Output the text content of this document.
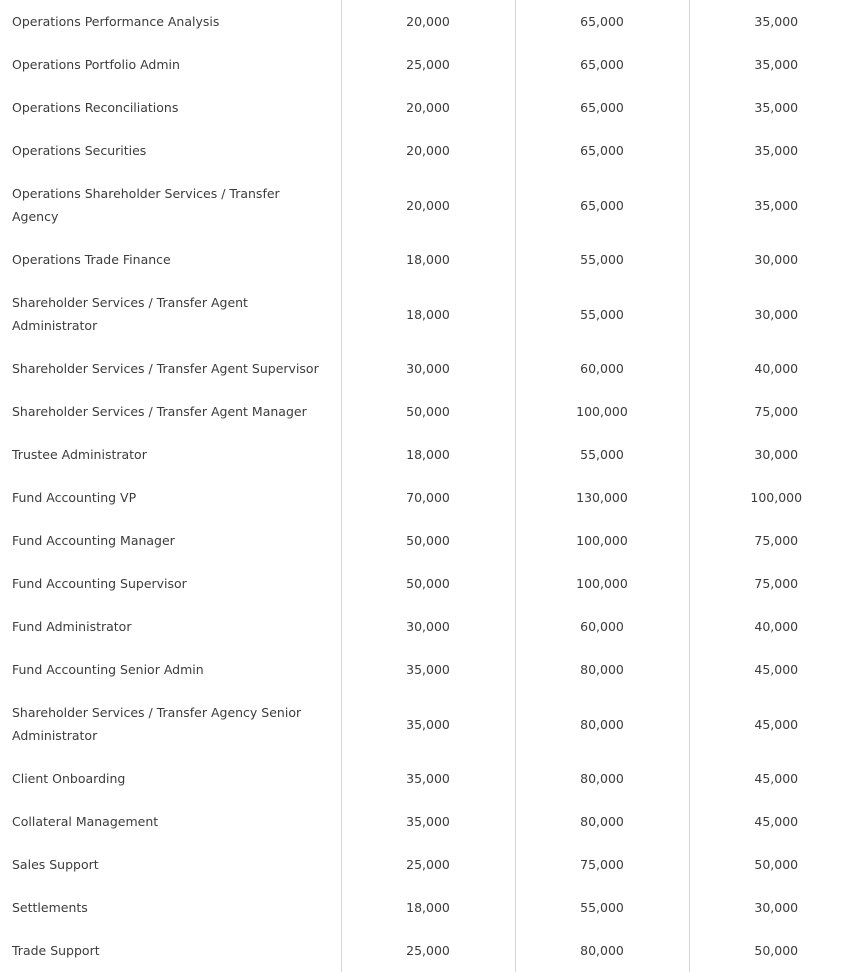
Operations Performance Analysis	20,000	65,000	35,000
Operations Portfolio Admin	25,000	65,000	35,000
Operations Reconciliations	20,000	65,000	35,000
Operations Securities	20,000	65,000	35,000
Operations Shareholder Services / Transfer Agency	20,000	65,000	35,000
Operations Trade Finance	18,000	55,000	30,000
Shareholder Services / Transfer Agent Administrator	18,000	55,000	30,000
Shareholder Services / Transfer Agent Supervisor	30,000	60,000	40,000
Shareholder Services / Transfer Agent Manager	50,000	100,000	75,000
Trustee Administrator	18,000	55,000	30,000
Fund Accounting VP	70,000	130,000	100,000
Fund Accounting Manager	50,000	100,000	75,000
Fund Accounting Supervisor	50,000	100,000	75,000
Fund Administrator	30,000	60,000	40,000
Fund Accounting Senior Admin	35,000	80,000	45,000
Shareholder Services / Transfer Agency Senior Administrator	35,000	80,000	45,000
Client Onboarding	35,000	80,000	45,000
Collateral Management	35,000	80,000	45,000
Sales Support	25,000	75,000	50,000
Settlements	18,000	55,000	30,000
Trade Support	25,000	80,000	50,000
